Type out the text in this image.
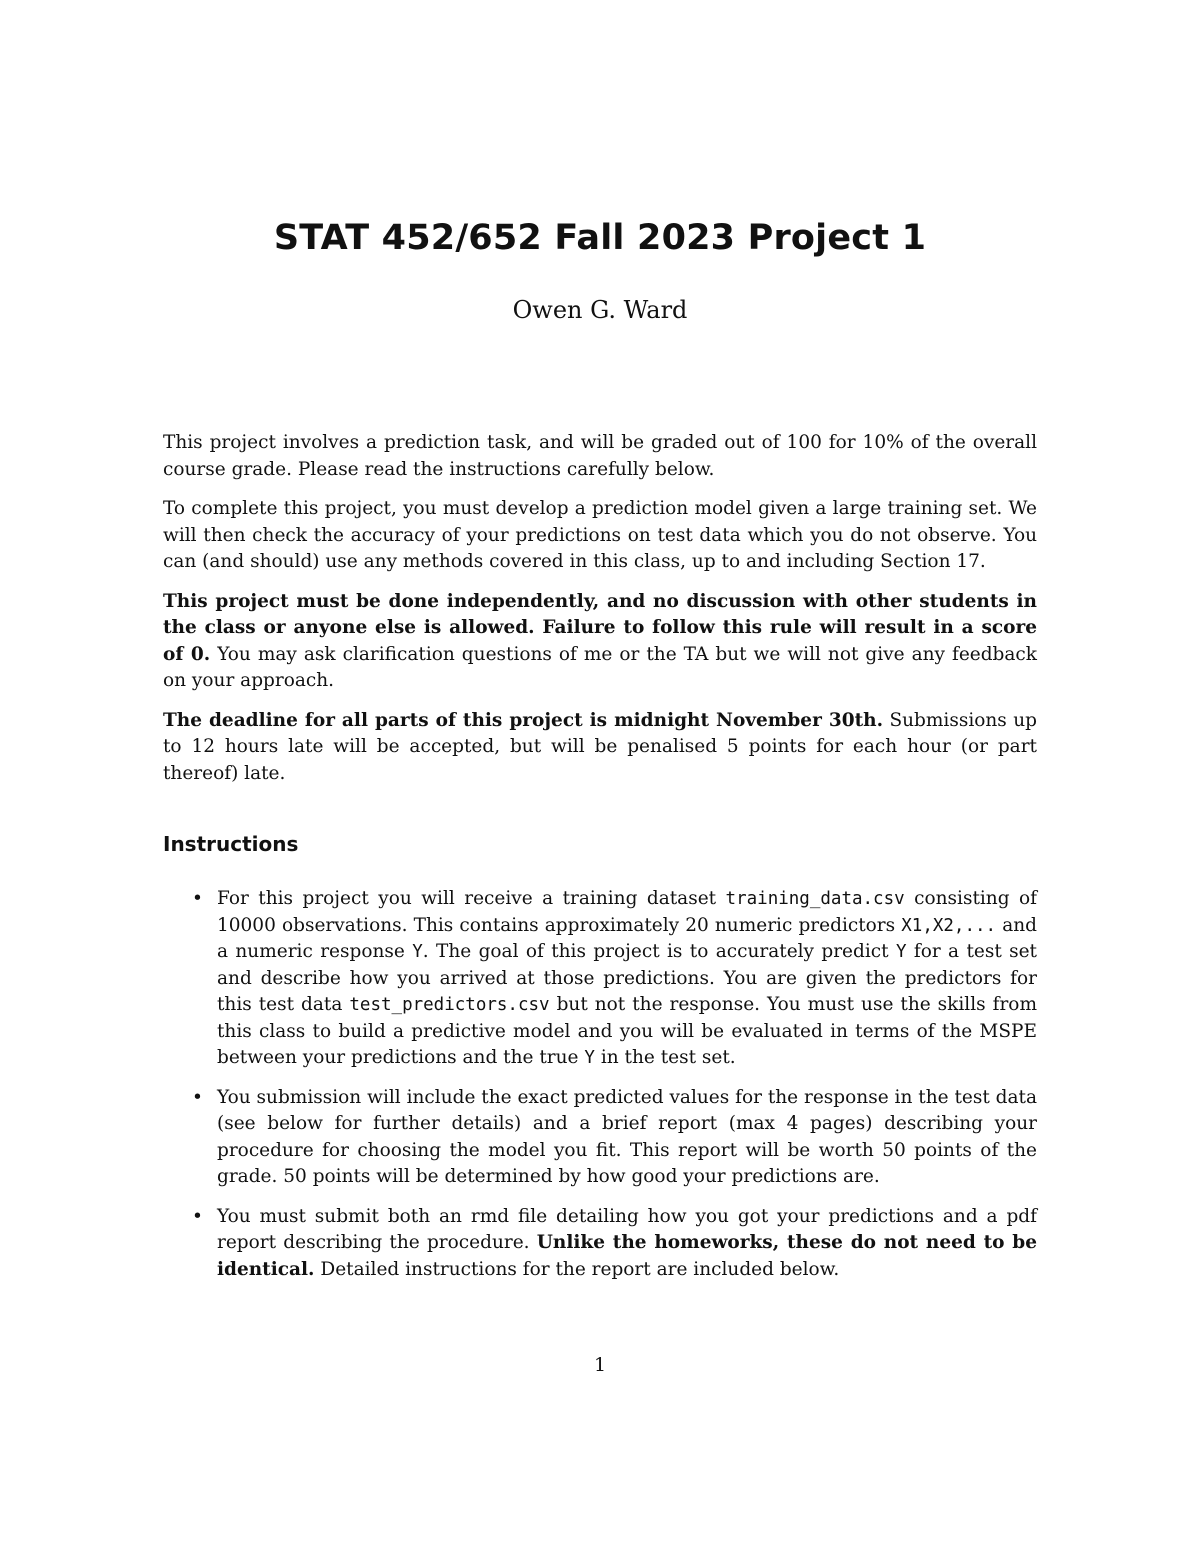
STAT 452/652 Fall 2023 Project 1

Owen G. Ward

This project involves a prediction task, and will be graded out of 100 for 10% of the overall course grade. Please read the instructions carefully below.

To complete this project, you must develop a prediction model given a large training set. We will then check the accuracy of your predictions on test data which you do not observe. You can (and should) use any methods covered in this class, up to and including Section 17.

This project must be done independently, and no discussion with other students in the class or anyone else is allowed. Failure to follow this rule will result in a score of 0. You may ask clarification questions of me or the TA but we will not give any feedback on your approach.

The deadline for all parts of this project is midnight November 30th. Submissions up to 12 hours late will be accepted, but will be penalised 5 points for each hour (or part thereof) late.

Instructions
• For this project you will receive a training dataset training_data.csv consisting of 10000 observations. This contains approximately 20 numeric predictors X1,X2,... and a numeric response Y. The goal of this project is to accurately predict Y for a test set and describe how you arrived at those predictions. You are given the predictors for this test data test_predictors.csv but not the response. You must use the skills from this class to build a predictive model and you will be evaluated in terms of the MSPE between your predictions and the true Y in the test set.
• You submission will include the exact predicted values for the response in the test data (see below for further details) and a brief report (max 4 pages) describing your procedure for choosing the model you fit. This report will be worth 50 points of the grade. 50 points will be determined by how good your predictions are.
• You must submit both an rmd file detailing how you got your predictions and a pdf report describing the procedure. Unlike the homeworks, these do not need to be identical. Detailed instructions for the report are included below.

1
